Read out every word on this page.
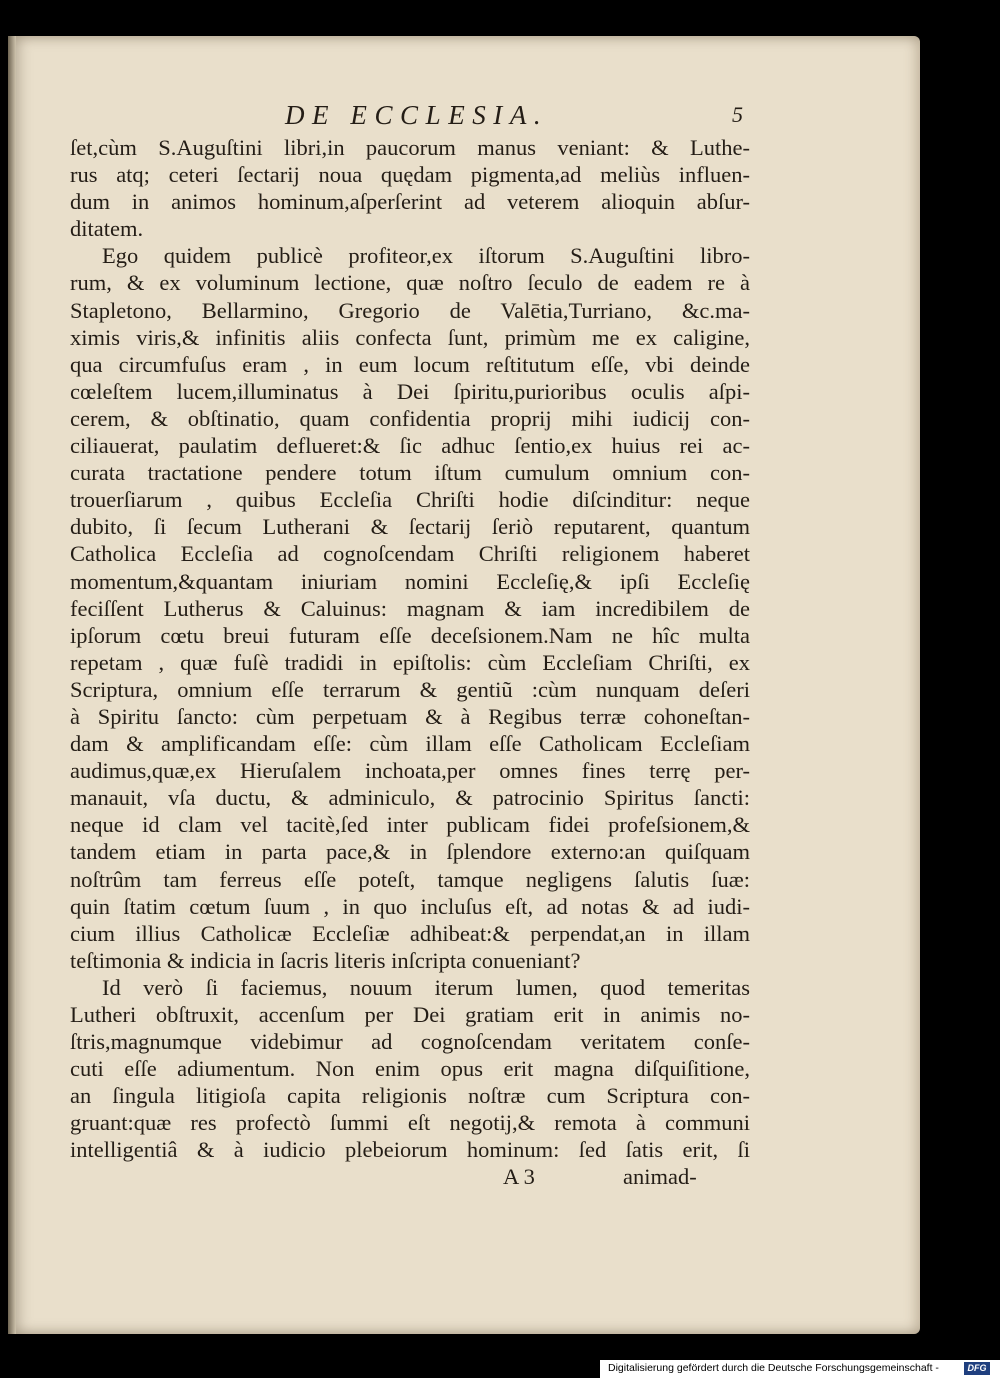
DE ECCLESIA.	5
ſet,cùm S.Auguſtini libri,in paucorum manus veniant: & Luthe-
rus atq; ceteri ſectarij noua quędam pigmenta,ad meliùs influen-
dum in animos hominum,aſperſerint ad veterem alioquin abſur-
ditatem.
Ego quidem publicè profiteor,ex iſtorum S.Auguſtini libro-
rum, & ex voluminum lectione, quæ noſtro ſeculo de eadem re à
Stapletono, Bellarmino, Gregorio de Valētia,Turriano, &c.ma-
ximis viris,& infinitis aliis confecta ſunt, primùm me ex caligine,
qua circumfuſus eram , in eum locum reſtitutum eſſe, vbi deinde
cœleſtem lucem,illuminatus à Dei ſpiritu,purioribus oculis aſpi-
cerem, & obſtinatio, quam confidentia proprij mihi iudicij con-
ciliauerat, paulatim deflueret:& ſic adhuc ſentio,ex huius rei ac-
curata tractatione pendere totum iſtum cumulum omnium con-
trouerſiarum , quibus Eccleſia Chriſti hodie diſcinditur: neque
dubito, ſi ſecum Lutherani & ſectarij ſeriò reputarent, quantum
Catholica Eccleſia ad cognoſcendam Chriſti religionem haberet
momentum,&quantam iniuriam nomini Eccleſię,& ipſi Eccleſię
feciſſent Lutherus & Caluinus: magnam & iam incredibilem de
ipſorum cœtu breui futuram eſſe deceſsionem.Nam ne hîc multa
repetam , quæ fuſè tradidi in epiſtolis: cùm Eccleſiam Chriſti, ex
Scriptura, omnium eſſe terrarum & gentiũ :cùm nunquam deſeri
à Spiritu ſancto: cùm perpetuam & à Regibus terræ cohoneſtan-
dam & amplificandam eſſe: cùm illam eſſe Catholicam Eccleſiam
audimus,quæ,ex Hieruſalem inchoata,per omnes fines terrę per-
manauit, vſa ductu, & adminiculo, & patrocinio Spiritus ſancti:
neque id clam vel tacitè,ſed inter publicam fidei profeſsionem,&
tandem etiam in parta pace,& in ſplendore externo:an quiſquam
noſtrûm tam ferreus eſſe poteſt, tamque negligens ſalutis ſuæ:
quin ſtatim cœtum ſuum , in quo incluſus eſt, ad notas & ad iudi-
cium illius Catholicæ Eccleſiæ adhibeat:& perpendat,an in illam
teſtimonia & indicia in ſacris literis inſcripta conueniant?
Id verò ſi faciemus, nouum iterum lumen, quod temeritas
Lutheri obſtruxit, accenſum per Dei gratiam erit in animis no-
ſtris,magnumque videbimur ad cognoſcendam veritatem conſe-
cuti eſſe adiumentum. Non enim opus erit magna diſquiſitione,
an ſingula litigioſa capita religionis noſtræ cum Scriptura con-
gruant:quæ res profectò ſummi eſt negotij,& remota à communi
intelligentiâ & à iudicio plebeiorum hominum: ſed ſatis erit, ſi
A 3	animad-
Digitalisierung gefördert durch die Deutsche Forschungsgemeinschaft -	DFG
